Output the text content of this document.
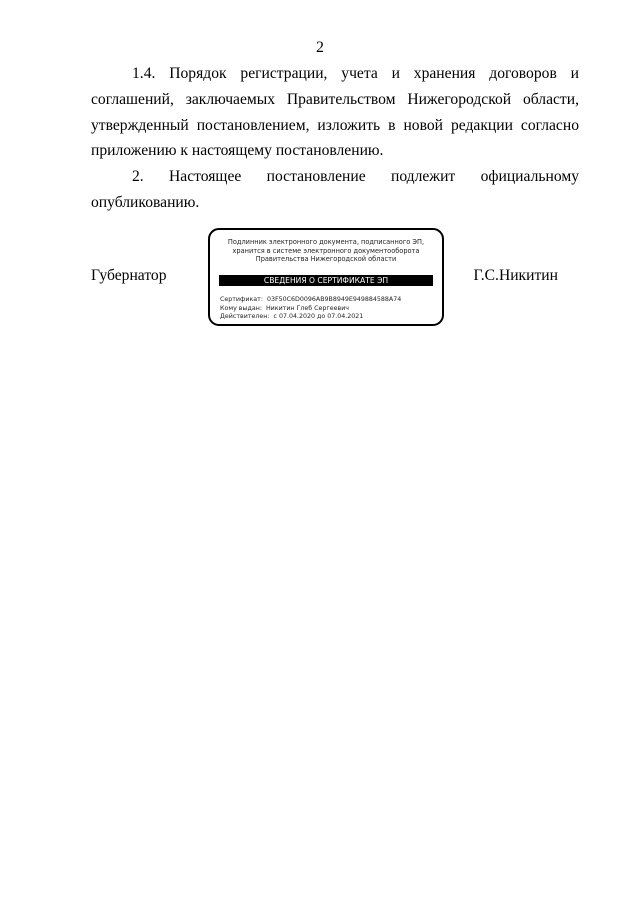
2

1.4. Порядок регистрации, учета и хранения договоров и соглашений, заключаемых Правительством Нижегородской области, утвержденный постановлением, изложить в новой редакции согласно приложению к настоящему постановлению.

2. Настоящее постановление подлежит официальному опубликованию.

Губернатор
Подлинник электронного документа, подписанного ЭП,
хранится в системе электронного документооборота
Правительства Нижегородской области
СВЕДЕНИЯ О СЕРТИФИКАТЕ ЭП
Сертификат: 03F50C6D0096AB9B8949E949884588A74
Кому выдан: Никитин Глеб Сергеевич
Действителен: с 07.04.2020 до 07.04.2021
Г.С.Никитин
